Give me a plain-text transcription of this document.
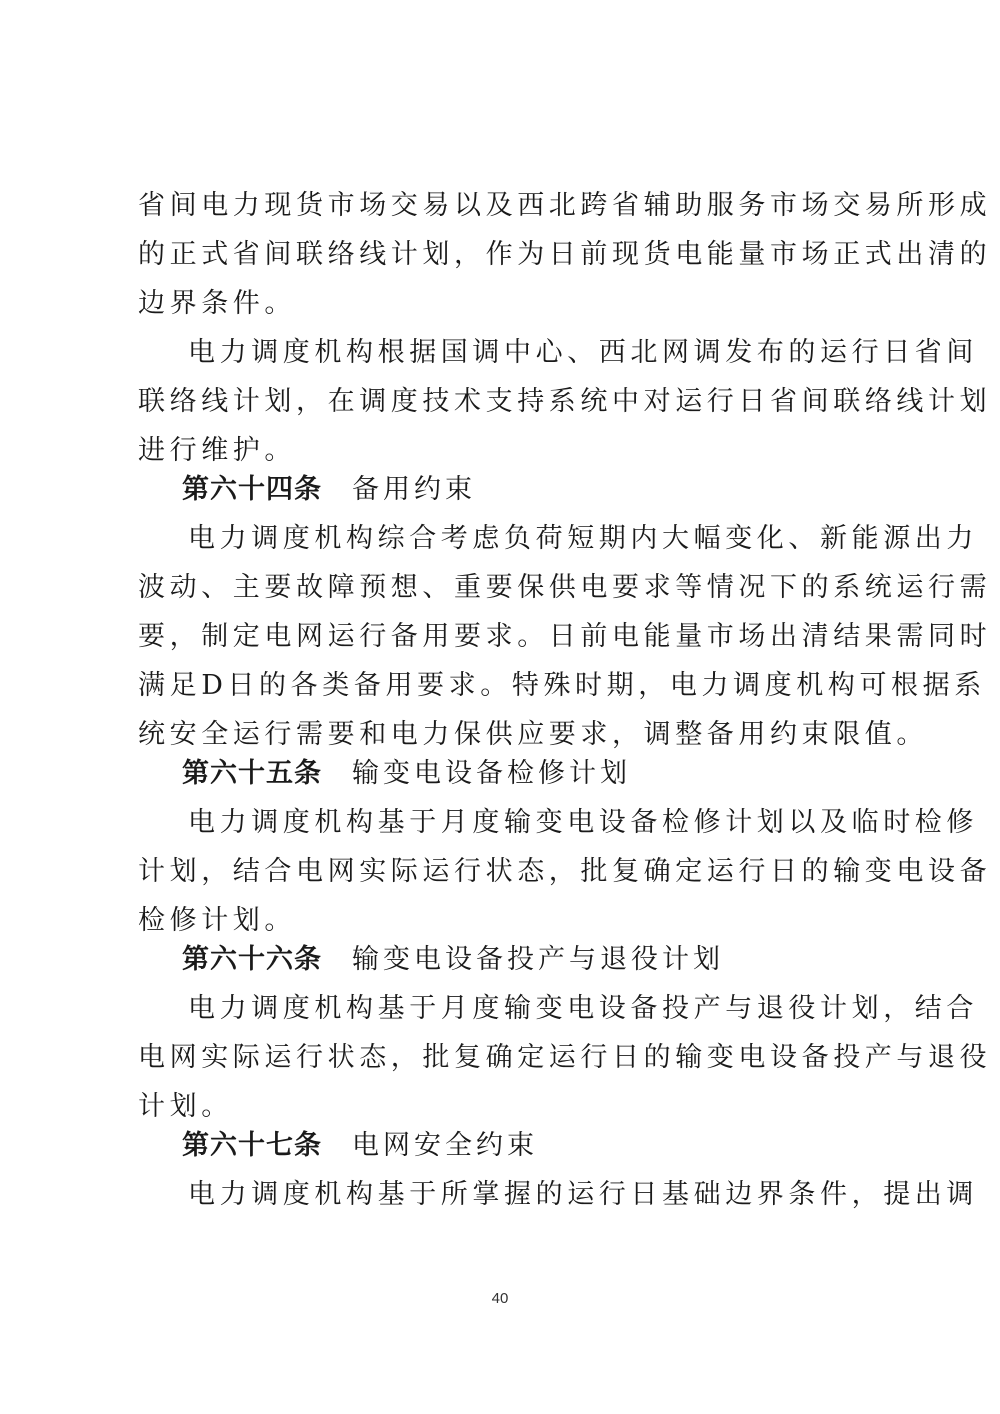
省间电力现货市场交易以及西北跨省辅助服务市场交易所形成
的正式省间联络线计划，作为日前现货电能量市场正式出清的
边界条件。
电力调度机构根据国调中心、西北网调发布的运行日省间
联络线计划，在调度技术支持系统中对运行日省间联络线计划
进行维护。
第六十四条 备用约束
电力调度机构综合考虑负荷短期内大幅变化、新能源出力
波动、主要故障预想、重要保供电要求等情况下的系统运行需
要，制定电网运行备用要求。日前电能量市场出清结果需同时
满足D日的各类备用要求。特殊时期，电力调度机构可根据系
统安全运行需要和电力保供应要求，调整备用约束限值。
第六十五条 输变电设备检修计划
电力调度机构基于月度输变电设备检修计划以及临时检修
计划，结合电网实际运行状态，批复确定运行日的输变电设备
检修计划。
第六十六条 输变电设备投产与退役计划
电力调度机构基于月度输变电设备投产与退役计划，结合
电网实际运行状态，批复确定运行日的输变电设备投产与退役
计划。
第六十七条 电网安全约束
电力调度机构基于所掌握的运行日基础边界条件，提出调
40
